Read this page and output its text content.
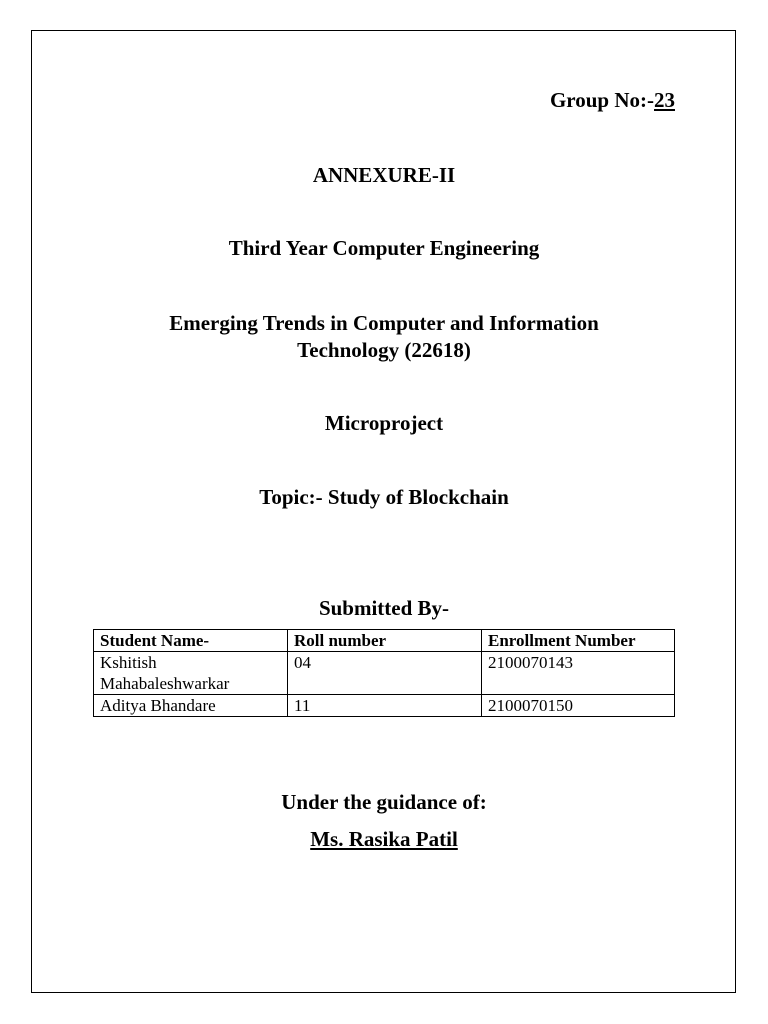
Group No:-23
ANNEXURE-II
Third Year Computer Engineering
Emerging Trends in Computer and Information
Technology (22618)
Microproject
Topic:- Study of Blockchain
Submitted By-
Student Name-	Roll number	Enrollment Number

Kshitish
Mahabaleshwarkar	04	2100070143
Aditya Bhandare	11	2100070150
Under the guidance of:
Ms. Rasika Patil
